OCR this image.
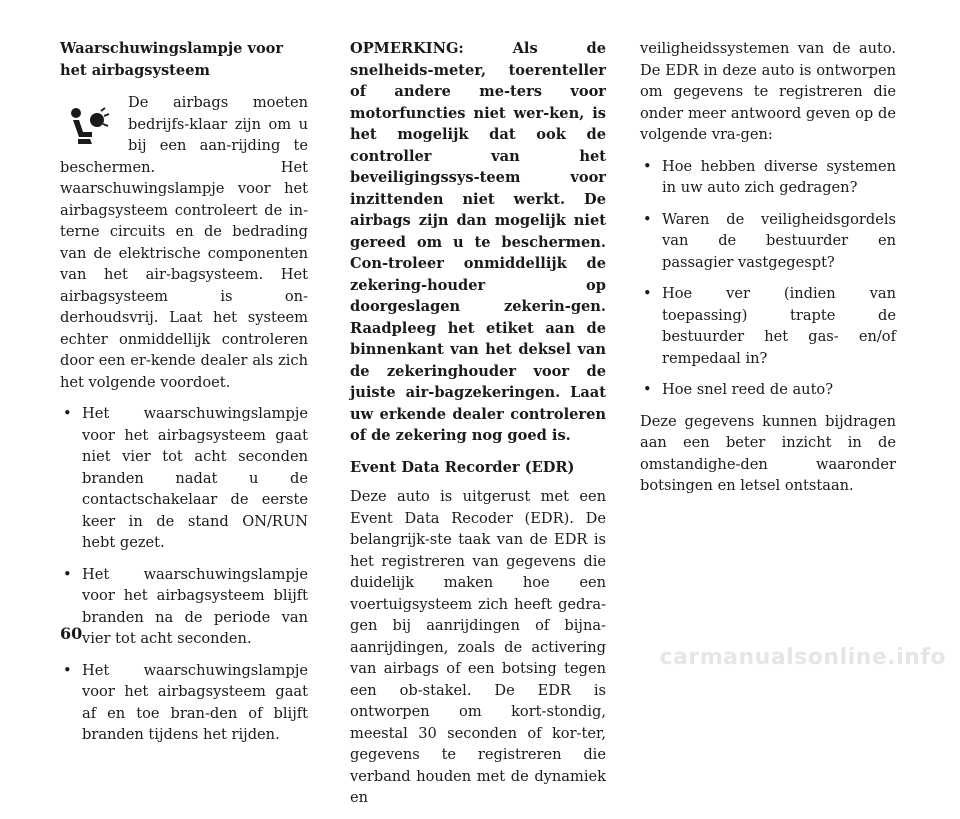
Waarschuwingslampje voor het airbagsysteem

De airbags moeten bedrijfs-klaar zijn om u bij een aan-rijding te beschermen. Het waarschuwingslampje voor het airbagsysteem controleert de in-terne circuits en de bedrading van de elektrische componenten van het air-bagsysteem. Het airbagsysteem is on-derhoudsvrij. Laat het systeem echter onmiddellijk controleren door een er-kende dealer als zich het volgende voordoet.

• Het waarschuwingslampje voor het airbagsysteem gaat niet vier tot acht seconden branden nadat u de contactschakelaar de eerste keer in de stand ON/RUN hebt gezet.
• Het waarschuwingslampje voor het airbagsysteem blijft branden na de periode van vier tot acht seconden.
• Het waarschuwingslampje voor het airbagsysteem gaat af en toe bran-den of blijft branden tijdens het rijden.

OPMERKING: Als de snelheids-meter, toerenteller of andere me-ters voor motorfuncties niet wer-ken, is het mogelijk dat ook de controller van het beveiligingssys-teem voor inzittenden niet werkt. De airbags zijn dan mogelijk niet gereed om u te beschermen. Con-troleer onmiddellijk de zekering-houder op doorgeslagen zekerin-gen. Raadpleeg het etiket aan de binnenkant van het deksel van de zekeringhouder voor de juiste air-bagzekeringen. Laat uw erkende dealer controleren of de zekering nog goed is.

Event Data Recorder (EDR)

Deze auto is uitgerust met een Event Data Recoder (EDR). De belangrijk-ste taak van de EDR is het registreren van gegevens die duidelijk maken hoe een voertuigsysteem zich heeft gedra-gen bij aanrijdingen of bijna-aanrijdingen, zoals de activering van airbags of een botsing tegen een ob-stakel. De EDR is ontworpen om kort-stondig, meestal 30 seconden of kor-ter, gegevens te registreren die verband houden met de dynamiek en

veiligheidssystemen van de auto. De EDR in deze auto is ontworpen om gegevens te registreren die onder meer antwoord geven op de volgende vra-gen:

• Hoe hebben diverse systemen in uw auto zich gedragen?
• Waren de veiligheidsgordels van de bestuurder en passagier vastgegespt?
• Hoe ver (indien van toepassing) trapte de bestuurder het gas- en/of rempedaal in?
• Hoe snel reed de auto?

Deze gegevens kunnen bijdragen aan een beter inzicht in de omstandighe-den waaronder botsingen en letsel ontstaan.

60
carmanualsonline.info
